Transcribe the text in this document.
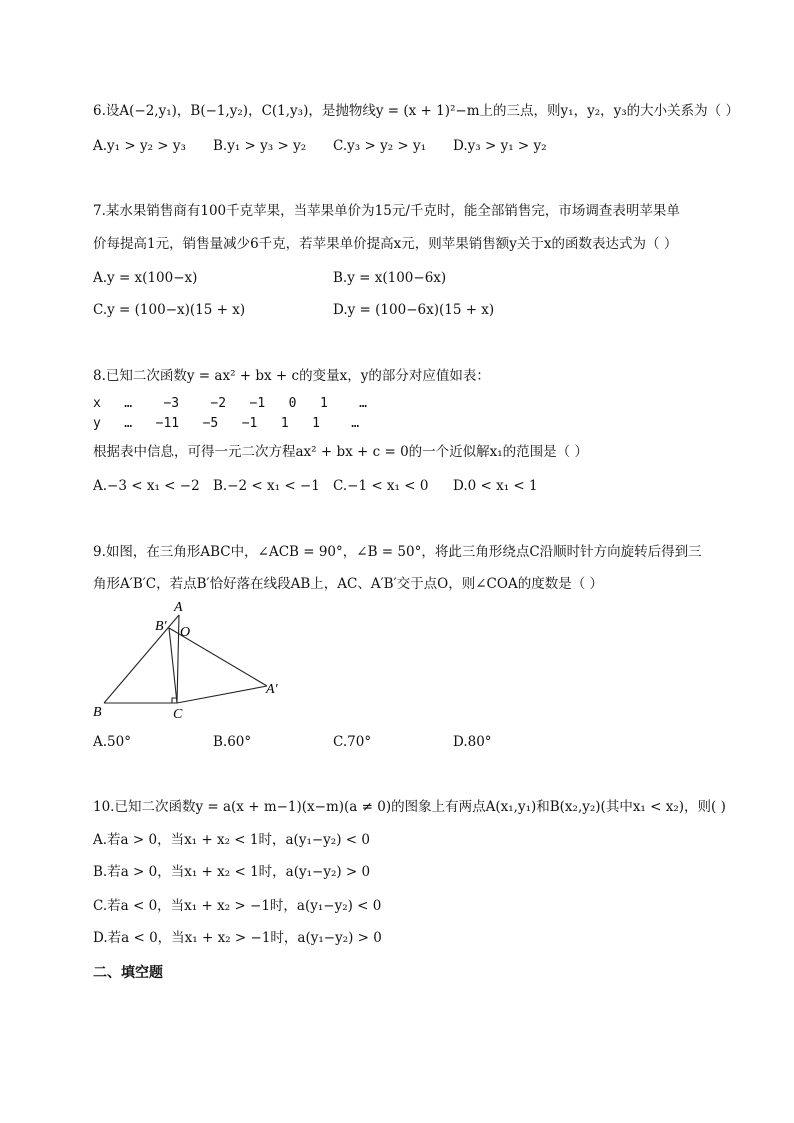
6.设A(−2,y₁)，B(−1,y₂)，C(1,y₃)，是抛物线y = (x + 1)²−m上的三点，则y₁，y₂，y₃的大小关系为（ ）
A.y₁ > y₂ > y₃ B.y₁ > y₃ > y₂ C.y₃ > y₂ > y₁ D.y₃ > y₁ > y₂
7.某水果销售商有100千克苹果，当苹果单价为15元/千克时，能全部销售完，市场调查表明苹果单
价每提高1元，销售量减少6千克，若苹果单价提高x元，则苹果销售额y关于x的函数表达式为（ ）
A.y = x(100−x)	B.y = x(100−6x)
C.y = (100−x)(15 + x)	D.y = (100−6x)(15 + x)
8.已知二次函数y = ax² + bx + c的变量x，y的部分对应值如表：
x   …    −3    −2   −1   0   1    …
y   …   −11   −5   −1   1   1    …
根据表中信息，可得一元二次方程ax² + bx + c = 0的一个近似解x₁的范围是（ ）
A.−3 < x₁ < −2 B.−2 < x₁ < −1 C.−1 < x₁ < 0 D.0 < x₁ < 1
9.如图，在三角形ABC中，∠ACB = 90°，∠B = 50°，将此三角形绕点C沿顺时针方向旋转后得到三
角形A′B′C，若点B′恰好落在线段AB上，AC、A′B′交于点O，则∠COA的度数是（ ）
A
B′ O
A′
B	C
A.50°	B.60°	C.70°	D.80°
10.已知二次函数y = a(x + m−1)(x−m)(a ≠ 0)的图象上有两点A(x₁,y₁)和B(x₂,y₂)(其中x₁ < x₂)，则( )
A.若a > 0，当x₁ + x₂ < 1时，a(y₁−y₂) < 0
B.若a > 0，当x₁ + x₂ < 1时，a(y₁−y₂) > 0
C.若a < 0，当x₁ + x₂ > −1时，a(y₁−y₂) < 0
D.若a < 0，当x₁ + x₂ > −1时，a(y₁−y₂) > 0
二、填空题
